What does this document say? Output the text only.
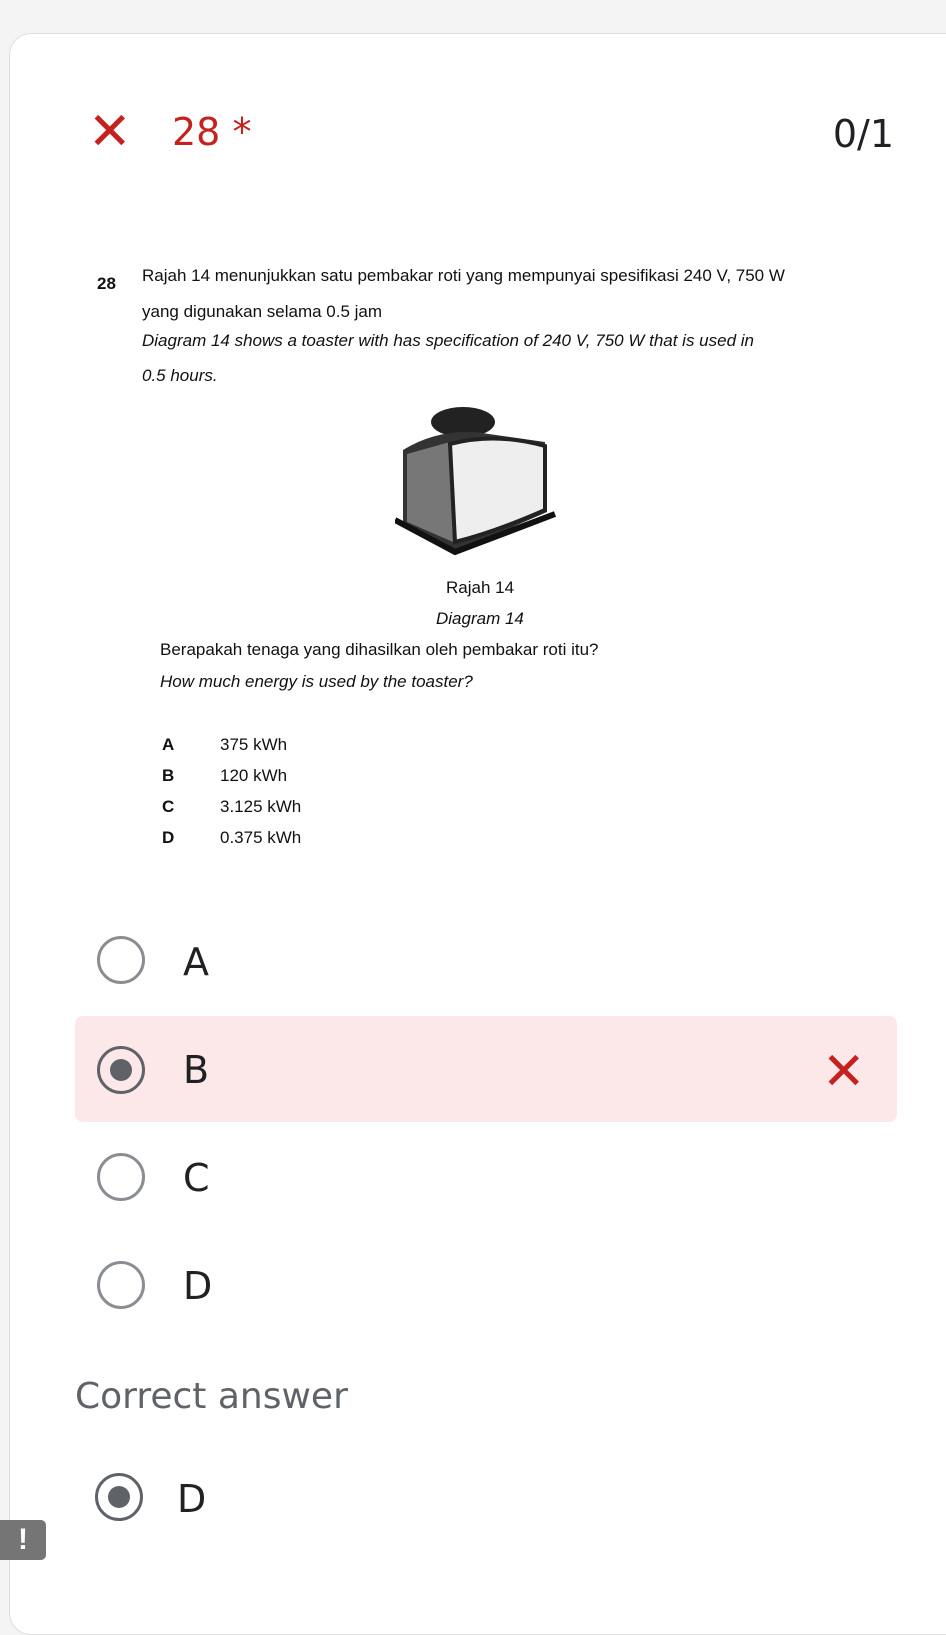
✕ 28 *	0/1
28 Rajah 14 menunjukkan satu pembakar roti yang mempunyai spesifikasi 240 V, 750 W
yang digunakan selama 0.5 jam
Diagram 14 shows a toaster with has specification of 240 V, 750 W that is used in
0.5 hours.
Rajah 14
Diagram 14
Berapakah tenaga yang dihasilkan oleh pembakar roti itu?
How much energy is used by the toaster?
A	375 kWh
B	120 kWh
C	3.125 kWh
D	0.375 kWh
A
B	✕
C
D
Correct answer
D
!
